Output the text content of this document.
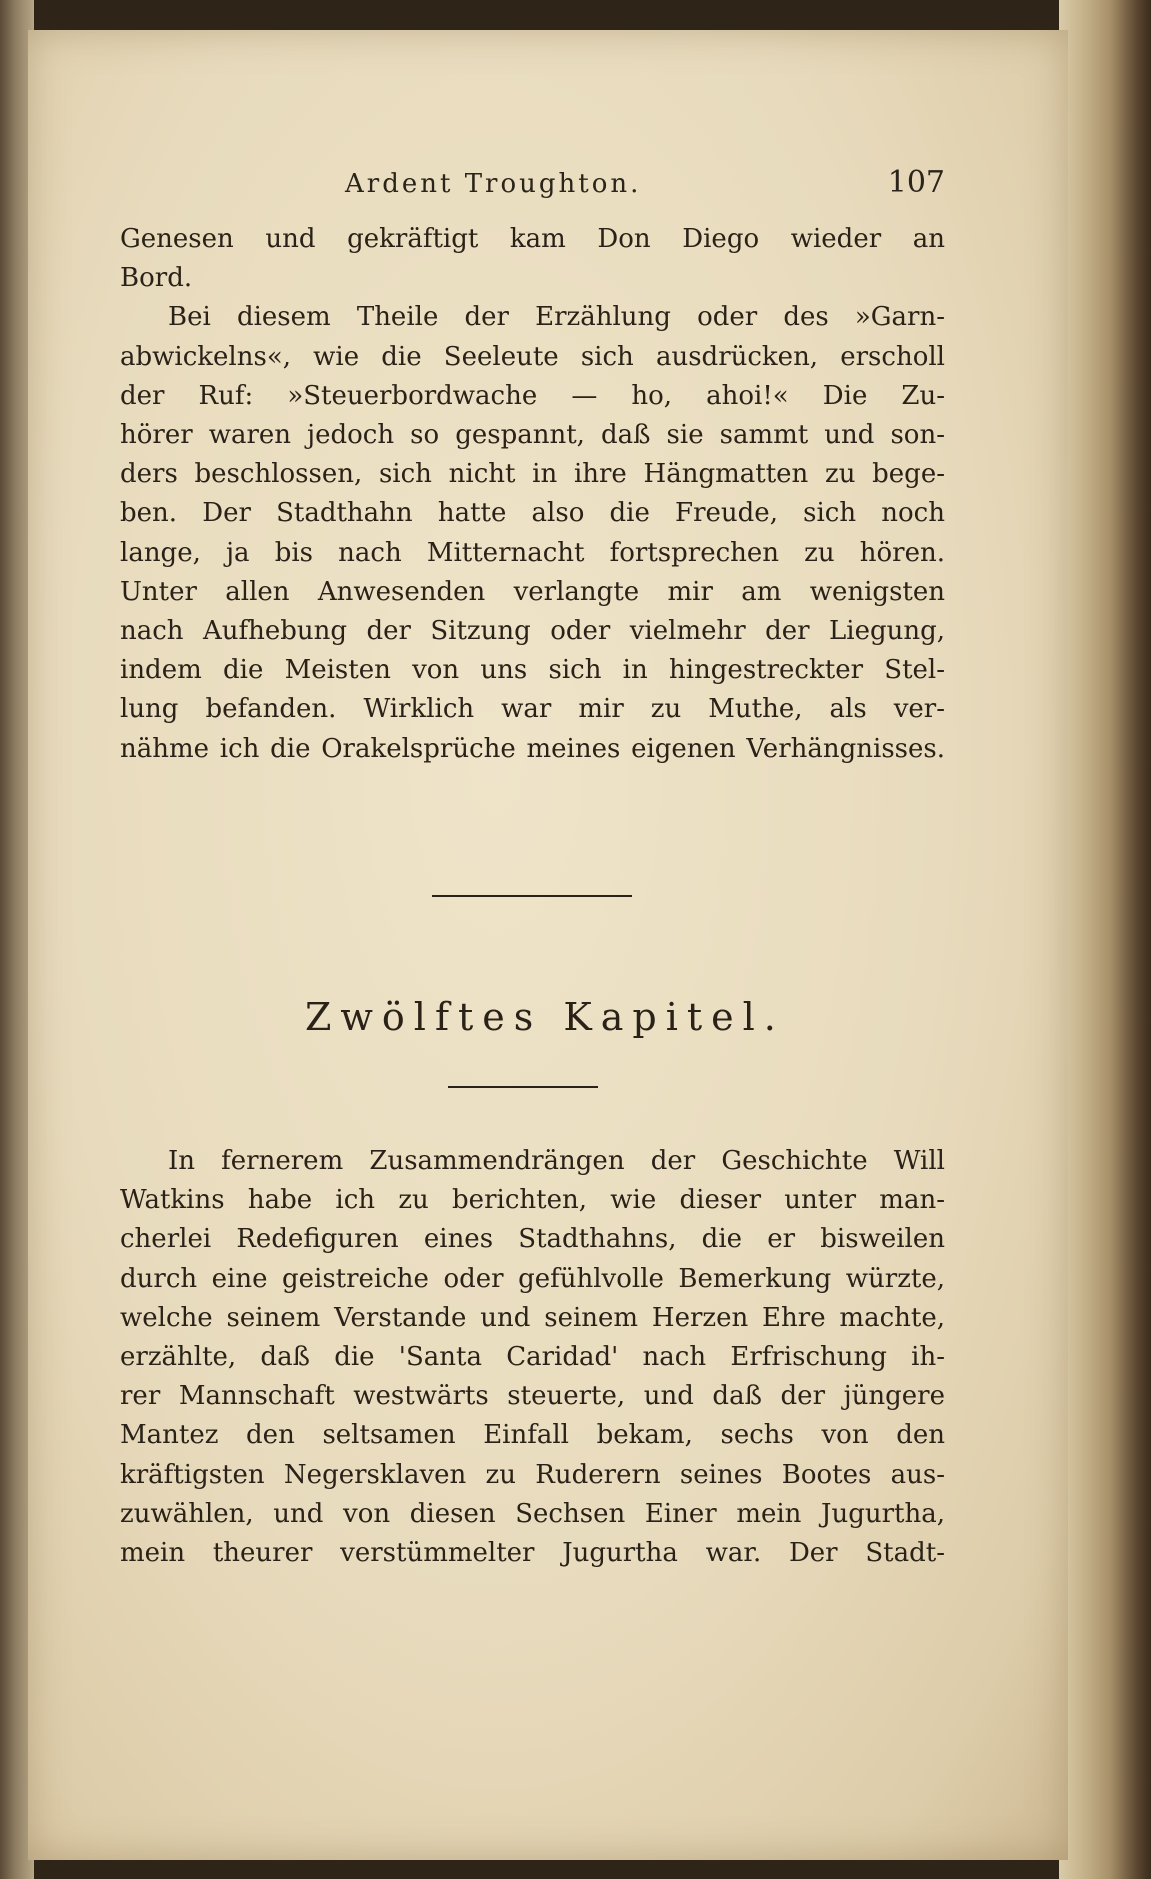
Ardent Troughton.	107

Genesen und gekräftigt kam Don Diego wieder an
Bord.
Bei diesem Theile der Erzählung oder des »Garn-
abwickelns«, wie die Seeleute sich ausdrücken, erscholl
der Ruf: »Steuerbordwache — ho, ahoi!« Die Zu-
hörer waren jedoch so gespannt, daß sie sammt und son-
ders beschlossen, sich nicht in ihre Hängmatten zu bege-
ben. Der Stadthahn hatte also die Freude, sich noch
lange, ja bis nach Mitternacht fortsprechen zu hören.
Unter allen Anwesenden verlangte mir am wenigsten
nach Aufhebung der Sitzung oder vielmehr der Liegung,
indem die Meisten von uns sich in hingestreckter Stel-
lung befanden. Wirklich war mir zu Muthe, als ver-
nähme ich die Orakelsprüche meines eigenen Verhängnisses.

Zwölftes Kapitel.

In fernerem Zusammendrängen der Geschichte Will
Watkins habe ich zu berichten, wie dieser unter man-
cherlei Redefiguren eines Stadthahns, die er bisweilen
durch eine geistreiche oder gefühlvolle Bemerkung würzte,
welche seinem Verstande und seinem Herzen Ehre machte,
erzählte, daß die 'Santa Caridad' nach Erfrischung ih-
rer Mannschaft westwärts steuerte, und daß der jüngere
Mantez den seltsamen Einfall bekam, sechs von den
kräftigsten Negersklaven zu Ruderern seines Bootes aus-
zuwählen, und von diesen Sechsen Einer mein Jugurtha,
mein theurer verstümmelter Jugurtha war. Der Stadt-
